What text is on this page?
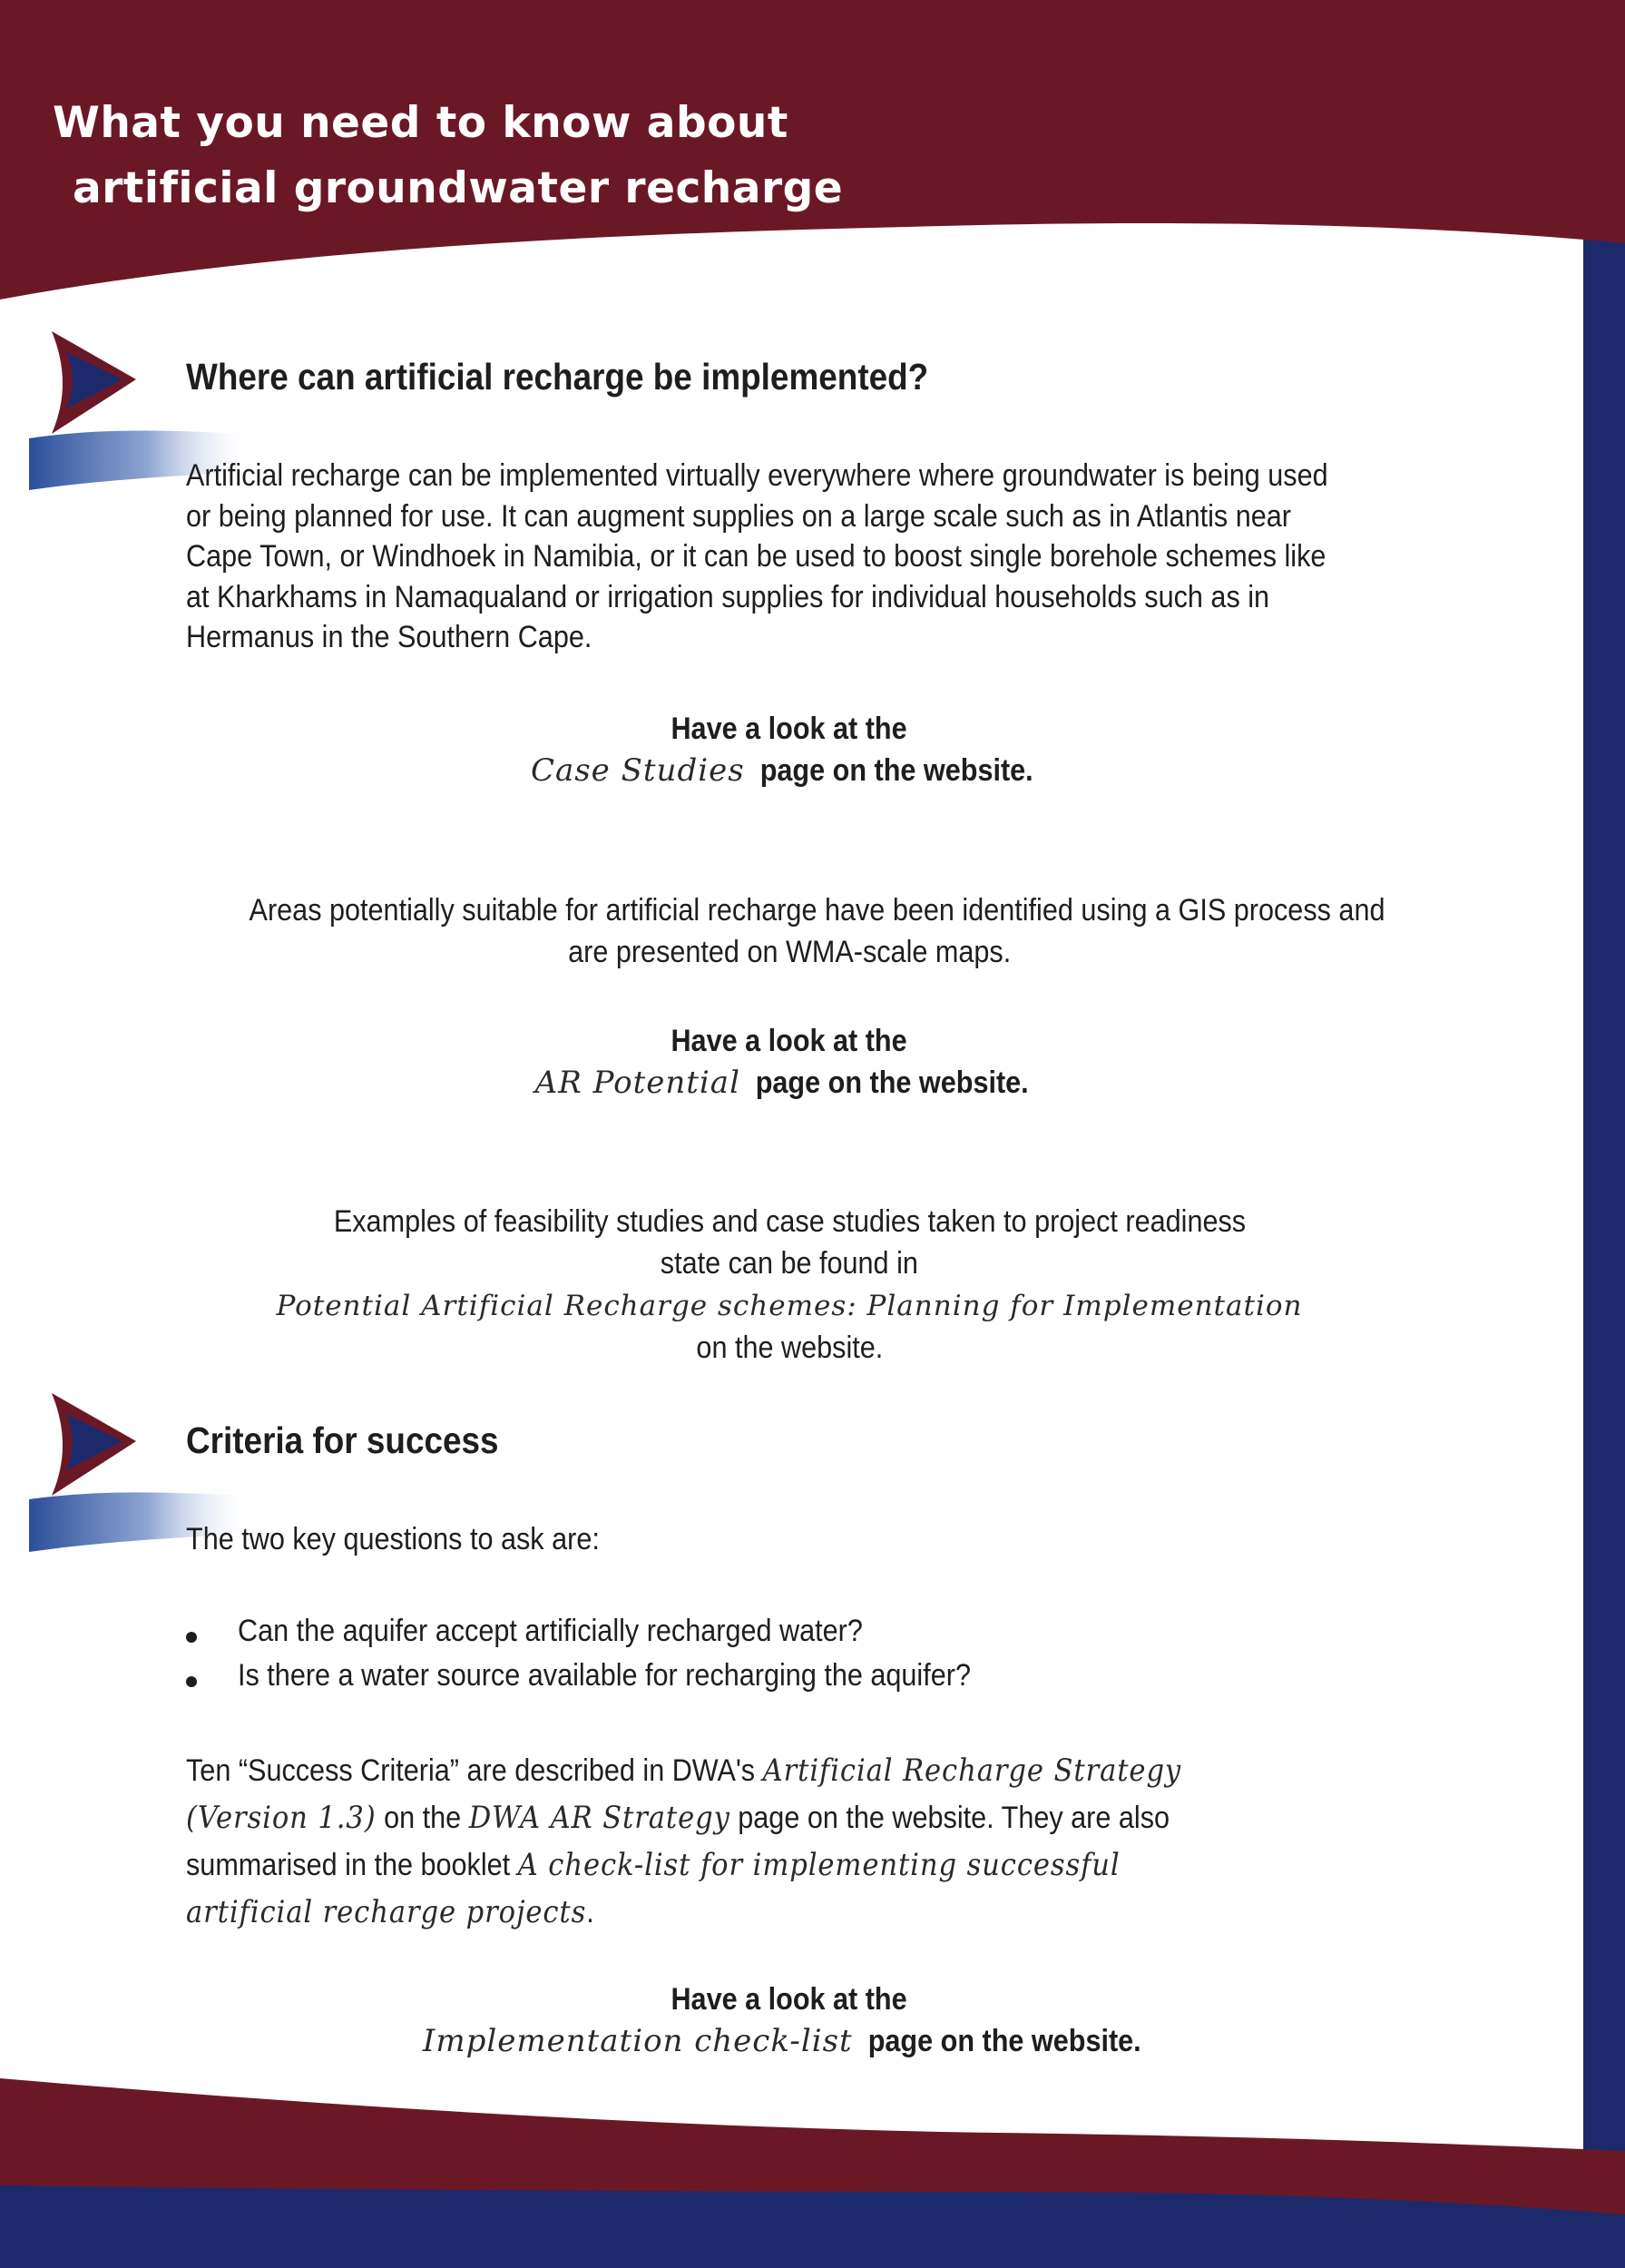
What you need to know about
artificial groundwater recharge
Where can artificial recharge be implemented?

Artificial recharge can be implemented virtually everywhere where groundwater is being used
or being planned for use. It can augment supplies on a large scale such as in Atlantis near
Cape Town, or Windhoek in Namibia, or it can be used to boost single borehole schemes like
at Kharkhams in Namaqualand or irrigation supplies for individual households such as in
Hermanus in the Southern Cape.

Have a look at the
Case Studiespage on the website.
Areas potentially suitable for artificial recharge have been identified using a GIS process and
are presented on WMA-scale maps.
Have a look at the
AR Potentialpage on the website.
Examples of feasibility studies and case studies taken to project readiness
state can be found in
Potential Artificial Recharge schemes: Planning for Implementation
on the website.
Criteria for success

The two key questions to ask are:

Can the aquifer accept artificially recharged water?
Is there a water source available for recharging the aquifer?
Ten “Success Criteria” are described in DWA's Artificial Recharge Strategy
(Version 1.3) on the DWA AR Strategy page on the website. They are also
summarised in the booklet A check-list for implementing successful
artificial recharge projects.
Have a look at the
Implementation check-listpage on the website.
